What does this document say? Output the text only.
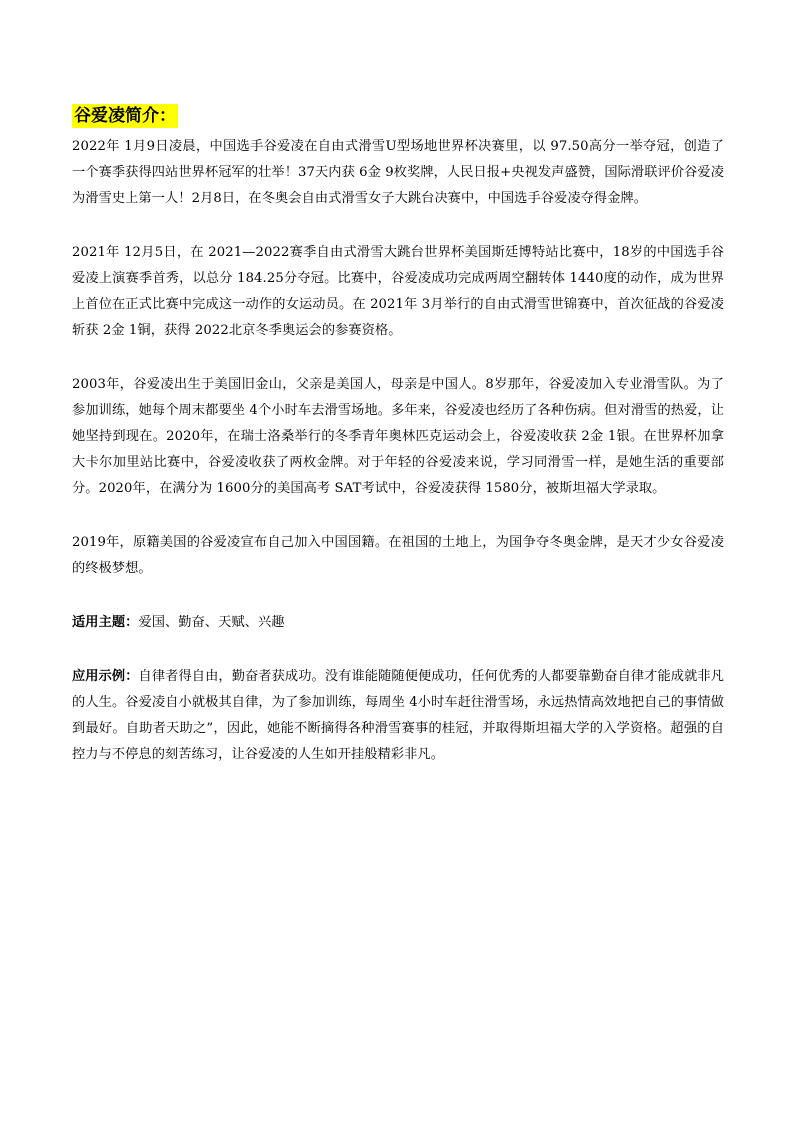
谷爱凌简介：

2022年 1月9日凌晨，中国选手谷爱凌在自由式滑雪U型场地世界杯决赛里，以 97.50高分一举夺冠，创造了一个赛季获得四站世界杯冠军的壮举！37天内获 6金 9枚奖牌，人民日报+央视发声盛赞，国际滑联评价谷爱凌为滑雪史上第一人！2月8日，在冬奥会自由式滑雪女子大跳台决赛中，中国选手谷爱凌夺得金牌。

2021年 12月5日，在 2021—2022赛季自由式滑雪大跳台世界杯美国斯廷博特站比赛中，18岁的中国选手谷爱凌上演赛季首秀，以总分 184.25分夺冠。比赛中，谷爱凌成功完成两周空翻转体 1440度的动作，成为世界上首位在正式比赛中完成这一动作的女运动员。在 2021年 3月举行的自由式滑雪世锦赛中，首次征战的谷爱凌斩获 2金 1铜，获得 2022北京冬季奥运会的参赛资格。

2003年，谷爱凌出生于美国旧金山，父亲是美国人，母亲是中国人。8岁那年，谷爱凌加入专业滑雪队。为了参加训练，她每个周末都要坐 4个小时车去滑雪场地。多年来，谷爱凌也经历了各种伤病。但对滑雪的热爱，让她坚持到现在。2020年，在瑞士洛桑举行的冬季青年奥林匹克运动会上，谷爱凌收获 2金 1银。在世界杯加拿大卡尔加里站比赛中，谷爱凌收获了两枚金牌。对于年轻的谷爱凌来说，学习同滑雪一样，是她生活的重要部分。2020年，在满分为 1600分的美国高考 SAT考试中，谷爱凌获得 1580分，被斯坦福大学录取。

2019年，原籍美国的谷爱凌宣布自己加入中国国籍。在祖国的土地上，为国争夺冬奥金牌，是天才少女谷爱凌的终极梦想。

适用主题：爱国、勤奋、天赋、兴趣

应用示例：自律者得自由，勤奋者获成功。没有谁能随随便便成功，任何优秀的人都要靠勤奋自律才能成就非凡的人生。谷爱凌自小就极其自律，为了参加训练，每周坐 4小时车赶往滑雪场，永远热情高效地把自己的事情做到最好。自助者天助之”，因此，她能不断摘得各种滑雪赛事的桂冠，并取得斯坦福大学的入学资格。超强的自控力与不停息的刻苦练习，让谷爱凌的人生如开挂般精彩非凡。
